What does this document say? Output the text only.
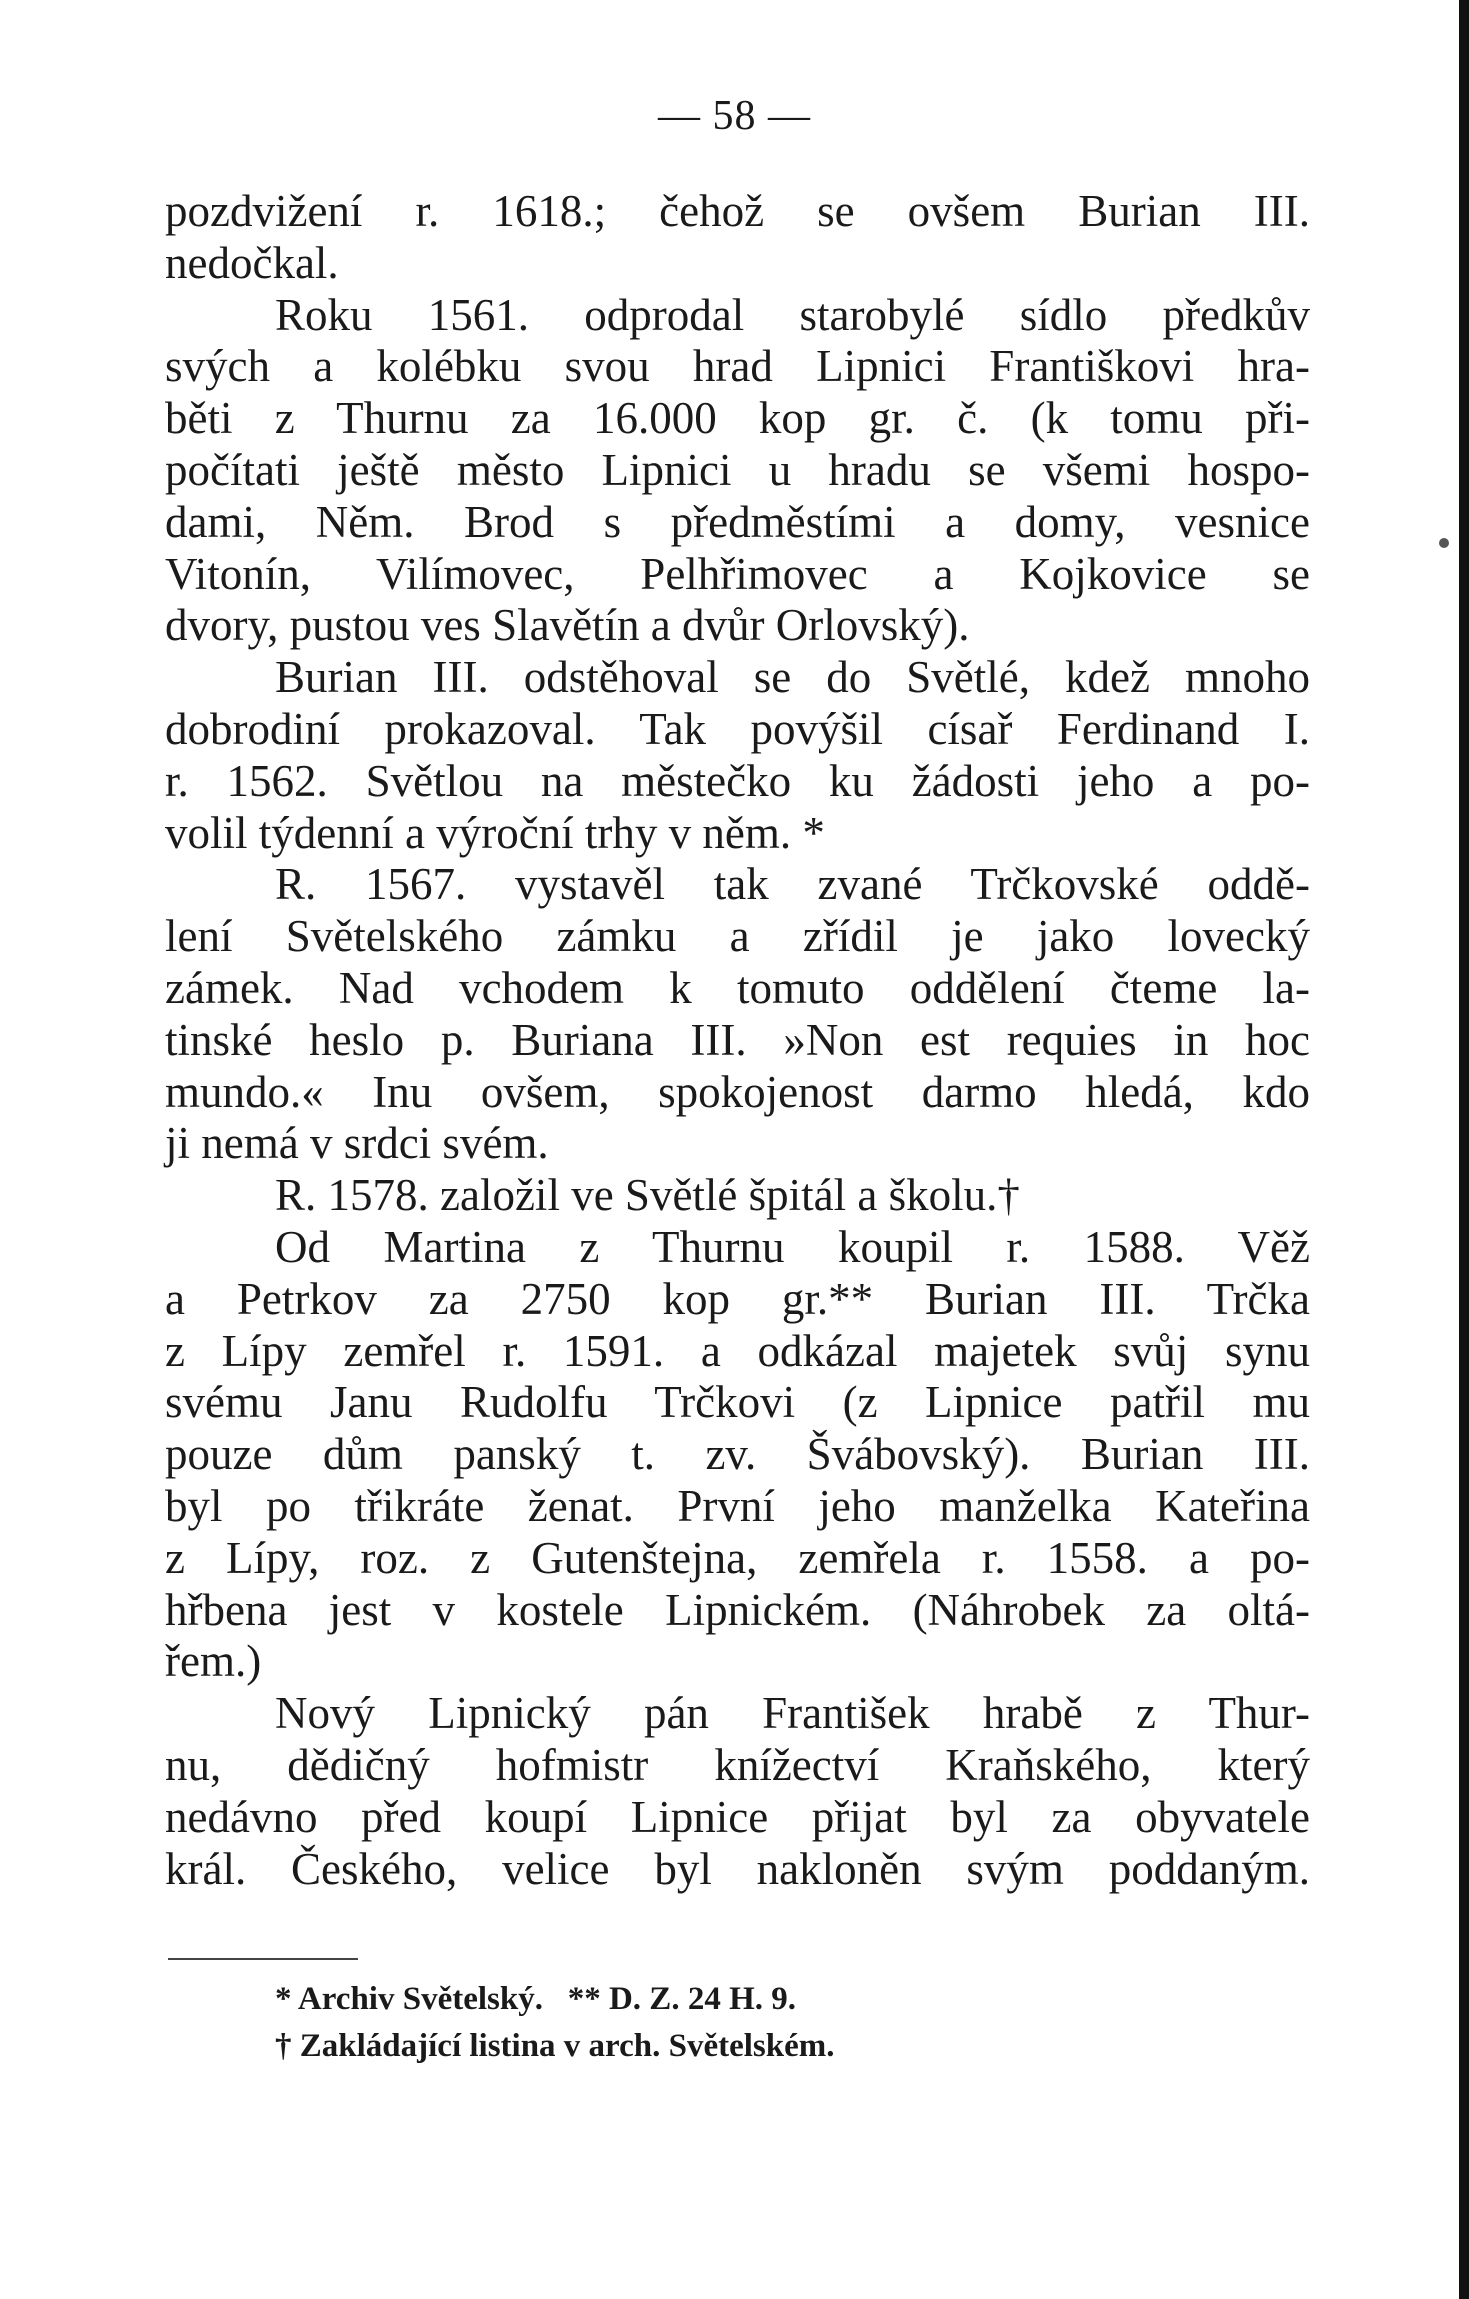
— 58 —
pozdvižení r. 1618.; čehož se ovšem Burian III.
nedočkal.
Roku 1561. odprodal starobylé sídlo předkův
svých a kolébku svou hrad Lipnici Františkovi hra-
běti z Thurnu za 16.000 kop gr. č. (k tomu při-
počítati ještě město Lipnici u hradu se všemi hospo-
dami, Něm. Brod s předměstími a domy, vesnice
Vitonín, Vilímovec, Pelhřimovec a Kojkovice se
dvory, pustou ves Slavětín a dvůr Orlovský).
Burian III. odstěhoval se do Světlé, kdež mnoho
dobrodiní prokazoval. Tak povýšil císař Ferdinand I.
r. 1562. Světlou na městečko ku žádosti jeho a po-
volil týdenní a výroční trhy v něm. *
R. 1567. vystavěl tak zvané Trčkovské oddě-
lení Světelského zámku a zřídil je jako lovecký
zámek. Nad vchodem k tomuto oddělení čteme la-
tinské heslo p. Buriana III. »Non est requies in hoc
mundo.« Inu ovšem, spokojenost darmo hledá, kdo
ji nemá v srdci svém.
R. 1578. založil ve Světlé špitál a školu.†
Od Martina z Thurnu koupil r. 1588. Věž
a Petrkov za 2750 kop gr.** Burian III. Trčka
z Lípy zemřel r. 1591. a odkázal majetek svůj synu
svému Janu Rudolfu Trčkovi (z Lipnice patřil mu
pouze dům panský t. zv. Švábovský). Burian III.
byl po třikráte ženat. První jeho manželka Kateřina
z Lípy, roz. z Gutenštejna, zemřela r. 1558. a po-
hřbena jest v kostele Lipnickém. (Náhrobek za oltá-
řem.)
Nový Lipnický pán František hrabě z Thur-
nu, dědičný hofmistr knížectví Kraňského, který
nedávno před koupí Lipnice přijat byl za obyvatele
král. Českého, velice byl nakloněn svým poddaným.
* Archiv Světelský.   ** D. Z. 24 H. 9.
† Zakládající listina v arch. Světelském.
